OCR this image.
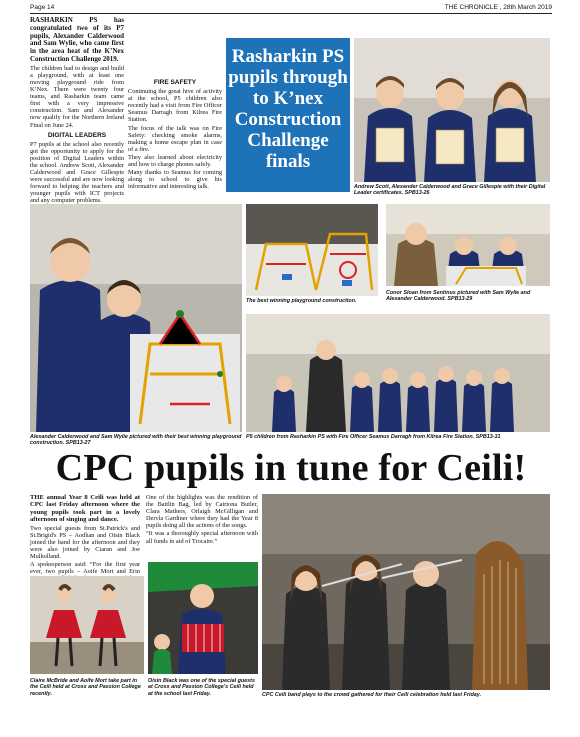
Page 14	THE CHRONICLE , 28th March 2019

RASHARKIN PS has congratulated two of its P7 pupils, Alexander Calderwood and Sam Wylie, who came first in the area heat of the K’Nex Construction Challenge 2019.

The children had to design and build a playground, with at least one moving playground ride from K’Nex. There were twenty four teams, and Rasharkin team came first with a very impressive construction. Sam and Alexander now qualify for the Northern Ireland Final on June 24.

DIGITAL LEADERS

P7 pupils at the school also recently got the opportunity to apply for the position of Digital Leaders within the school. Andrew Scott, Alexander Calderwood and Grace Gillespie were successful and are now looking forward to helping the teachers and younger pupils with ICT projects and any computer problems.

FIRE SAFETY

Continuing the great hive of activity at the school, P5 children also recently had a visit from Fire Officer Seamus Darragh from Kilrea Fire Station.

The focus of the talk was on Fire Safety: checking smoke alarms, making a home escape plan in case of a fire.

They also learned about electricity and how to charge phones safely.

Many thanks to Seamus for coming along to school to give his informative and interesting talk.

Rasharkin PS pupils through to K’nex Construction Challenge finals
Andrew Scott, Alexander Calderwood and Grace Gillespie with their Digital Leader certificates. SPB13-26
Alexander Calderwood and Sam Wylie pictured with their best winning playground construction. SPB13-27
The best winning playground construction.
Conor Sloan from Sentinus pictured with Sam Wylie and Alexander Calderwood. SPB13-29
P5 children from Rasharkin PS with Fire Officer Seamus Darragh from Kilrea Fire Station. SPB13-31
CPC pupils in tune for Ceili!

THE annual Year 8 Ceili was held at CPC last Friday afternoon where the young pupils took part in a lovely afternoon of singing and dance.

Two special guests from St.Patrick's and St.Brigid's PS – Aodhan and Oisin Black joined the band for the afternoon and they were also joined by Ciaran and Joe Mulholland.

A spokesperson said: “For the first year ever, two pupils – Aoife Mort and Erin

One of the highlights was the rendition of the Battlin Bag, led by Catriona Butler, Clara Mathers, Orlaigh McGilligan and Dervla Gardiner where they had the Year 8 pupils doing all the actions of the songs.

“It was a thoroughly special afternoon with all funds in aid of Trocaire.”

Claire McBride and Aoife Mort take part in the Ceili held at Cross and Passion College recently.
Oisin Black was one of the special guests at Cross and Passion College's Ceili held at the school last Friday.	CPC Ceili band plays to the crowd gathered for their Ceili celebration held last Friday.
